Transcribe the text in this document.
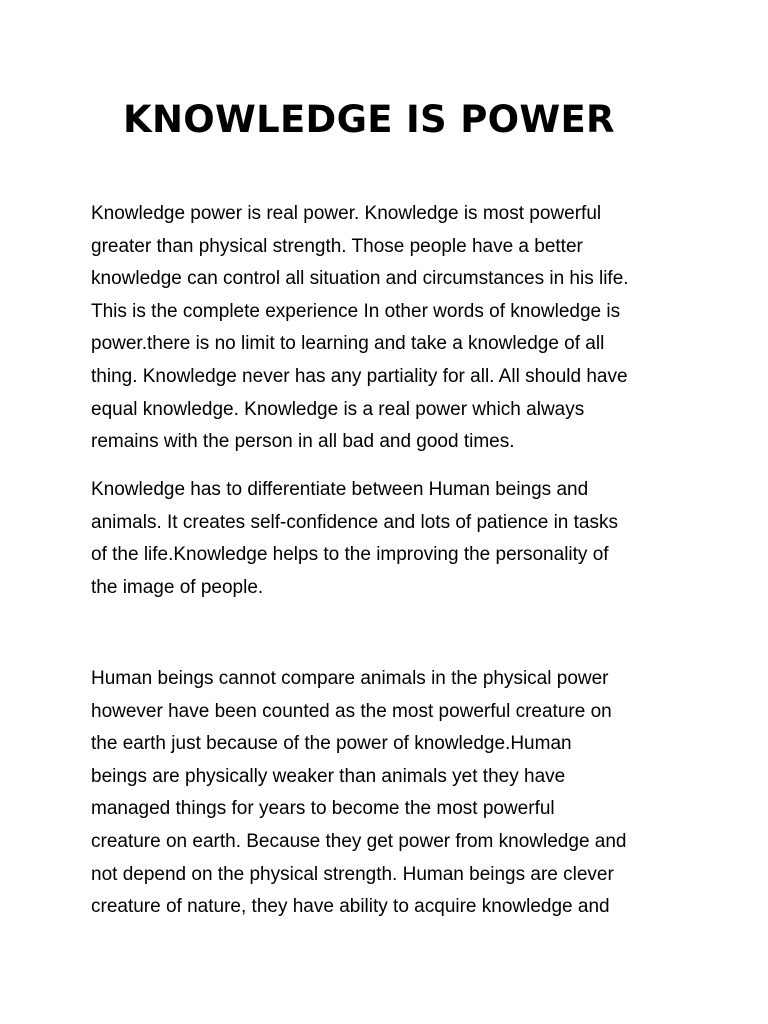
KNOWLEDGE IS POWER

Knowledge power is real power. Knowledge is most powerful
greater than physical strength. Those people have a better
knowledge can control all situation and circumstances in his life.
This is the complete experience In other words of knowledge is
power.there is no limit to learning and take a knowledge of all
thing. Knowledge never has any partiality for all. All should have
equal knowledge. Knowledge is a real power which always
remains with the person in all bad and good times.

Knowledge has to differentiate between Human beings and
animals. It creates self-confidence and lots of patience in tasks
of the life.Knowledge helps to the improving the personality of
the image of people.

Human beings cannot compare animals in the physical power
however have been counted as the most powerful creature on
the earth just because of the power of knowledge.Human
beings are physically weaker than animals yet they have
managed things for years to become the most powerful
creature on earth. Because they get power from knowledge and
not depend on the physical strength. Human beings are clever
creature of nature, they have ability to acquire knowledge and
